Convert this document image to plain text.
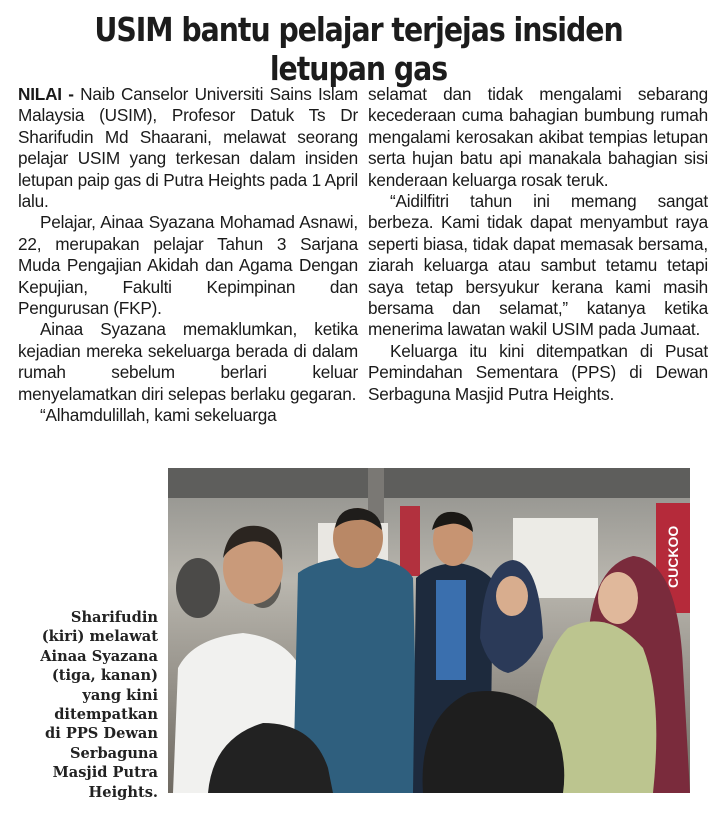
USIM bantu pelajar terjejas insiden letupan gas

NILAI - Naib Canselor Universiti Sains Islam Malaysia (USIM), Profesor Datuk Ts Dr Sharifudin Md Shaarani, melawat seorang pelajar USIM yang terkesan dalam insiden letupan paip gas di Putra Heights pada 1 April lalu.

Pelajar, Ainaa Syazana Mohamad Asnawi, 22, merupakan pelajar Tahun 3 Sarjana Muda Pengajian Akidah dan Agama Dengan Kepujian, Fakulti Kepimpinan dan Pengurusan (FKP).

Ainaa Syazana memaklumkan, ketika kejadian mereka sekeluarga berada di dalam rumah sebelum berlari keluar menyelamatkan diri selepas berlaku gegaran.

“Alhamdulillah, kami sekeluarga

selamat dan tidak mengalami sebarang kecederaan cuma bahagian bumbung rumah mengalami kerosakan akibat tempias letupan serta hujan batu api manakala bahagian sisi kenderaan keluarga rosak teruk.

“Aidilfitri tahun ini memang sangat berbeza. Kami tidak dapat menyambut raya seperti biasa, tidak dapat memasak bersama, ziarah keluarga atau sambut tetamu tetapi saya tetap bersyukur kerana kami masih bersama dan selamat,” katanya ketika menerima lawatan wakil USIM pada Jumaat.

Keluarga itu kini ditempatkan di Pusat Pemindahan Sementara (PPS) di Dewan Serbaguna Masjid Putra Heights.

CUCKOO
Sharifudin
(kiri) melawat
Ainaa Syazana
(tiga, kanan)
yang kini
ditempatkan
di PPS Dewan
Serbaguna
Masjid Putra
Heights.
